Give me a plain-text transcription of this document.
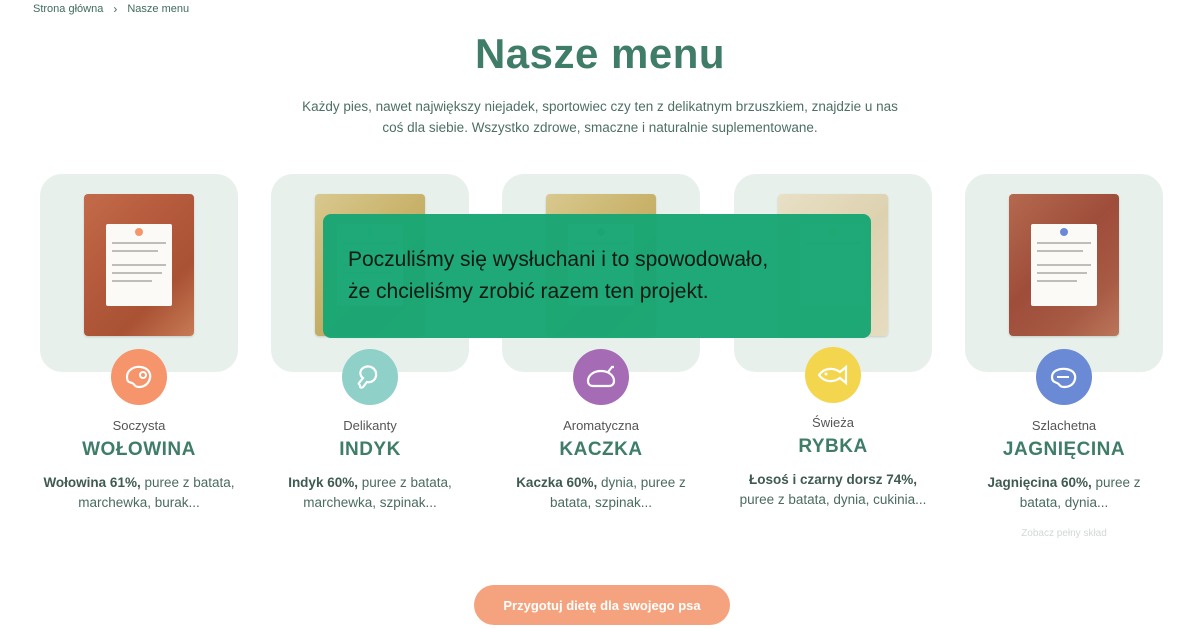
Strona główna › Nasze menu
Nasze menu
Każdy pies, nawet największy niejadek, sportowiec czy ten z delikatnym brzuszkiem, znajdzie u nas
coś dla siebie. Wszystko zdrowe, smaczne i naturalnie suplementowane.
Soczysta
WOŁOWINA
Wołowina 61%, puree z batata,
marchewka, burak...
Delikanty
INDYK
Indyk 60%, puree z batata,
marchewka, szpinak...
Aromatyczna
KACZKA
Kaczka 60%, dynia, puree z
batata, szpinak...
Świeża
RYBKA
Łosoś i czarny dorsz 74%,
puree z batata, dynia, cukinia...
Szlachetna
JAGNIĘCINA
Jagnięcina 60%, puree z
batata, dynia...
Zobacz pełny skład
Przygotuj dietę dla swojego psa
Poczuliśmy się wysłuchani i to spowodowało,
że chcieliśmy zrobić razem ten projekt.
